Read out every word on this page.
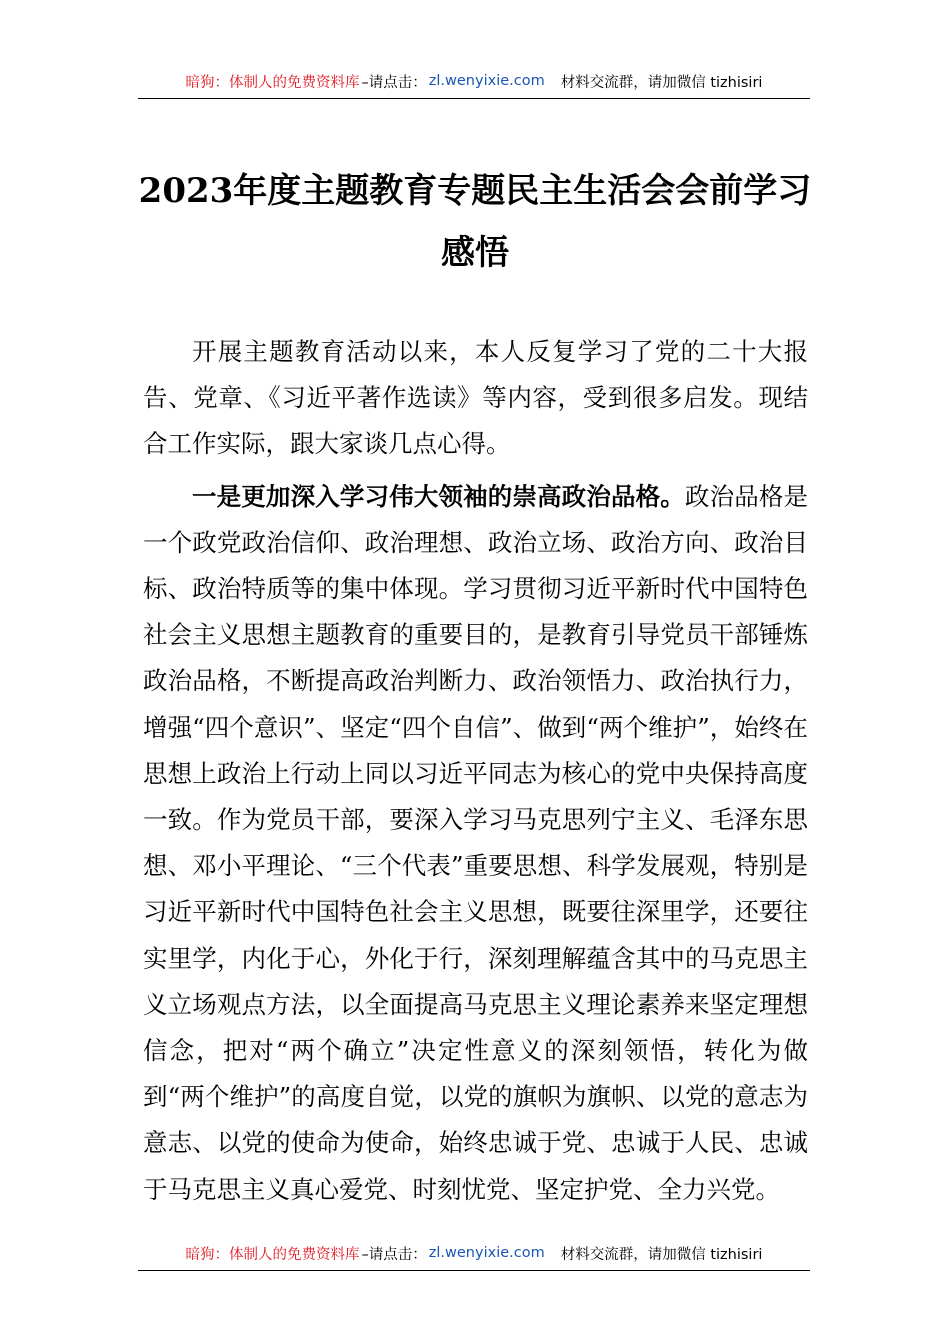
暗狗：体制人的免费资料库 –请点击： zl.wenyixie.com 材料交流群，请加微信 tizhisiri
2023年度主题教育专题民主生活会会前学习感悟

开展主题教育活动以来，本人反复学习了党的二十大报告、党章、《习近平著作选读》等内容，受到很多启发。现结合工作实际，跟大家谈几点心得。

一是更加深入学习伟大领袖的崇高政治品格。政治品格是一个政党政治信仰、政治理想、政治立场、政治方向、政治目标、政治特质等的集中体现。学习贯彻习近平新时代中国特色社会主义思想主题教育的重要目的，是教育引导党员干部锤炼政治品格，不断提高政治判断力、政治领悟力、政治执行力，增强“四个意识”、坚定“四个自信”、做到“两个维护”，始终在思想上政治上行动上同以习近平同志为核心的党中央保持高度一致。作为党员干部，要深入学习马克思列宁主义、毛泽东思想、邓小平理论、“三个代表”重要思想、科学发展观，特别是习近平新时代中国特色社会主义思想，既要往深里学，还要往实里学，内化于心，外化于行，深刻理解蕴含其中的马克思主义立场观点方法，以全面提高马克思主义理论素养来坚定理想信念，把对“两个确立”决定性意义的深刻领悟，转化为做到“两个维护”的高度自觉，以党的旗帜为旗帜、以党的意志为意志、以党的使命为使命，始终忠诚于党、忠诚于人民、忠诚于马克思主义真心爱党、时刻忧党、坚定护党、全力兴党。

暗狗：体制人的免费资料库 –请点击： zl.wenyixie.com 材料交流群，请加微信 tizhisiri
